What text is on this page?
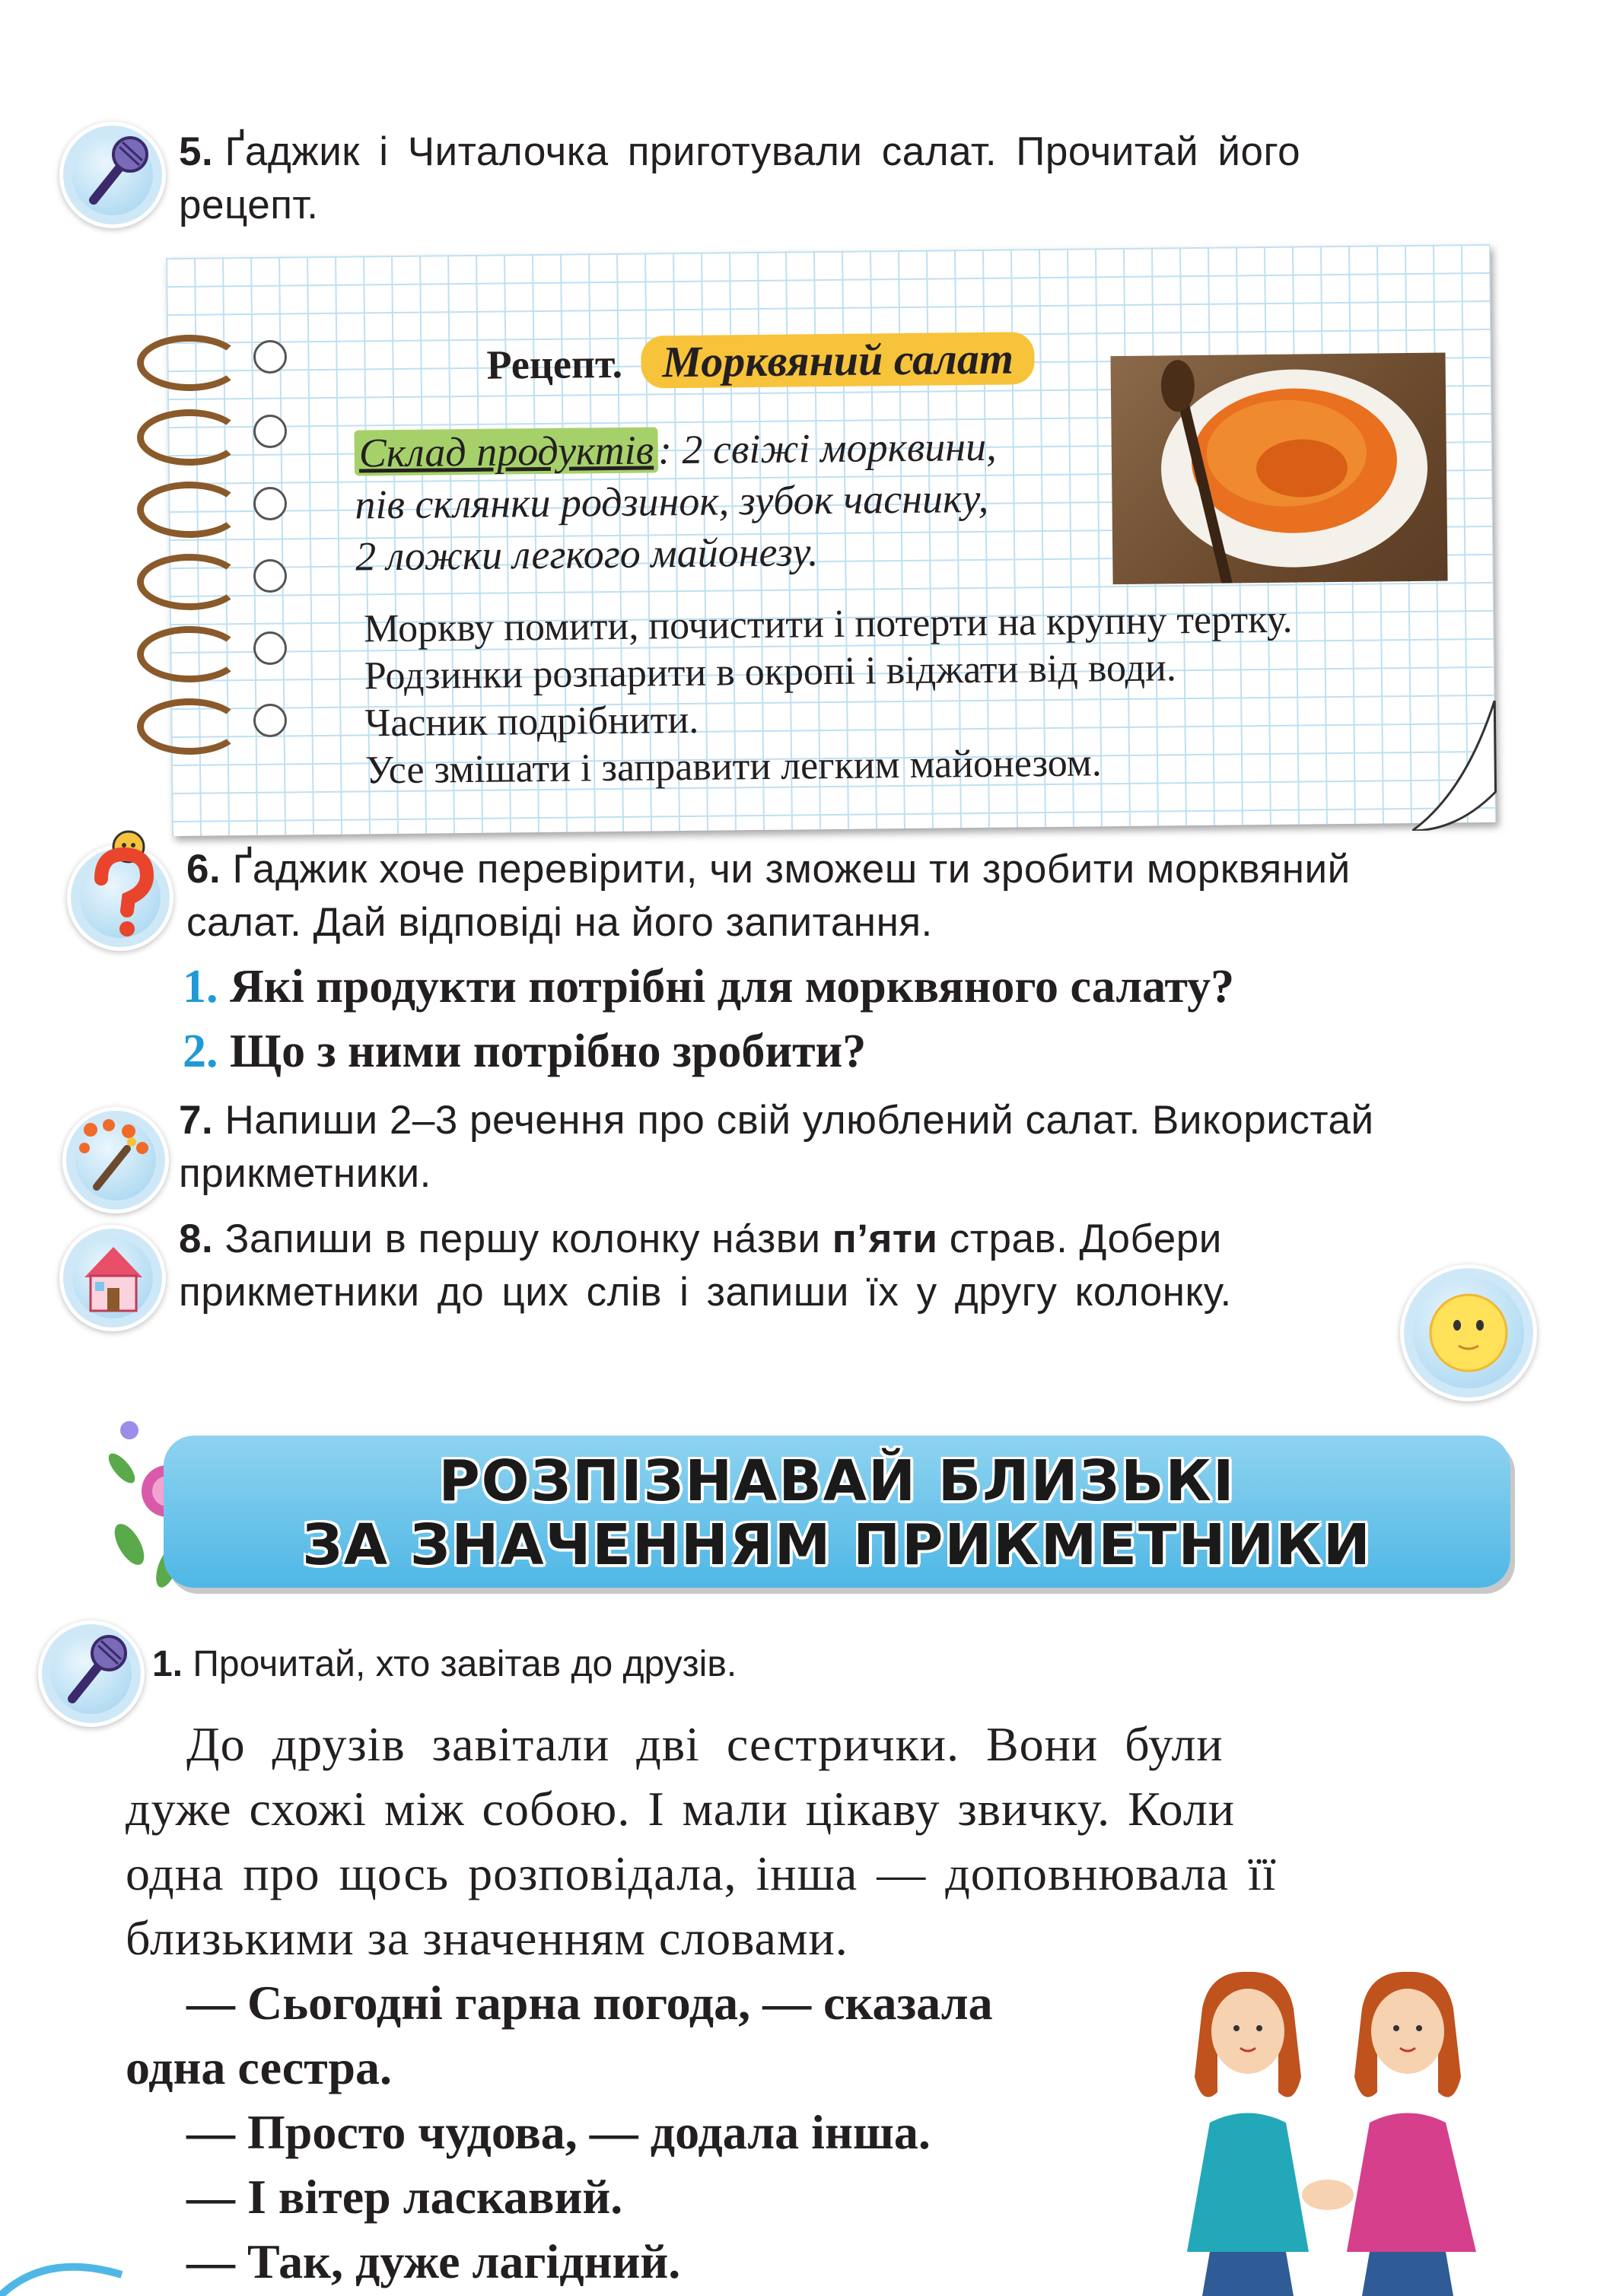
5. Ґаджик і Читалочка приготували салат. Прочитай його
рецепт.
Рецепт. Морквяний салат
Склад продуктів: 2 свіжі морквини,
пів склянки родзинок, зубок часнику,
2 ложки легкого майонезу.
Моркву помити, почистити і потерти на крупну тертку.
Родзинки розпарити в окропі і віджати від води.
Часник подрібнити.
Усе змішати і заправити легким майонезом.
6. Ґаджик хоче перевірити, чи зможеш ти зробити морквяний
салат. Дай відповіді на його запитання.
1. Які продукти потрібні для морквяного салату?
2. Що з ними потрібно зробити?
7. Напиши 2–3 речення про свій улюблений салат. Використай
прикметники.
8. Запиши в першу колонку на́зви п’яти страв. Добери
прикметники до цих слів і запиши їх у другу колонку.
РОЗПІЗНАВАЙ БЛИЗЬКІ
ЗА ЗНАЧЕННЯМ ПРИКМЕТНИКИ
1. Прочитай, хто завітав до друзів.
До друзів завітали дві сестрички. Вони були
дуже схожі між собою. І мали цікаву звичку. Коли
одна про щось розповідала, інша — доповнювала її
близькими за значенням словами.
— Сьогодні гарна погода, — сказала
одна сестра.
— Просто чудова, — додала інша.
— І вітер ласкавий.
— Так, дуже лагідний.
